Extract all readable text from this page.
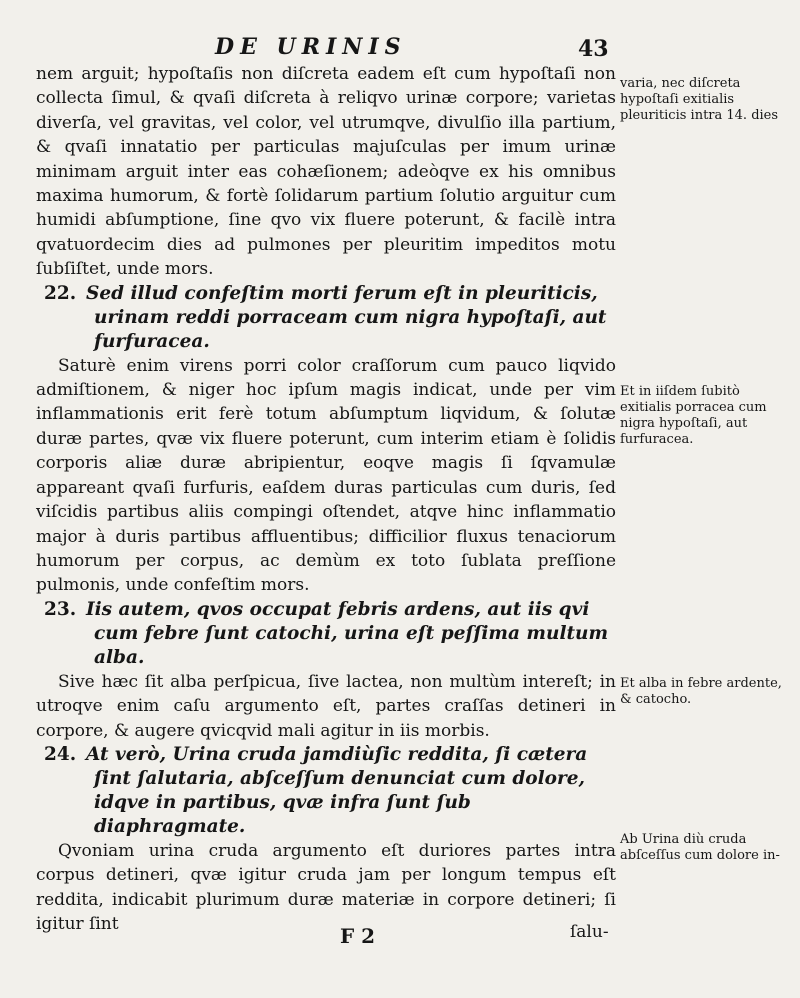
DE URINIS	43

nem arguit; hypoſtaſis non diſcreta eadem eſt cum hypoſtaſi non collecta ſimul, & qvaſi diſcreta à reliqvo urinæ corpore; varietas diverſa, vel gravitas, vel color, vel utrumqve, divulſio illa partium, & qvaſi innatatio per particulas majuſculas per imum urinæ minimam arguit inter eas cohæſionem; adeòqve ex his omnibus maxima humorum, & fortè ſolidarum partium ſolutio arguitur cum humidi abſumptione, ſine qvo vix fluere poterunt, & facilè intra qvatuordecim dies ad pulmones per pleuritim impeditos motu ſubſiſtet, unde mors.

22. Sed illud confeſtim morti ferum eſt in pleuriticis, urinam reddi porraceam cum nigra hypoſtaſi, aut furfuracea.

Saturè enim virens porri color craſſorum cum pauco liqvido admiſtionem, & niger hoc ipſum magis indicat, unde per vim inflammationis erit ferè totum abſumptum liqvidum, & ſolutæ duræ partes, qvæ vix fluere poterunt, cum interim etiam è ſolidis corporis aliæ duræ abripientur, eoqve magis ſi ſqvamulæ appareant qvaſi furfuris, eaſdem duras particulas cum duris, ſed viſcidis partibus aliis compingi oſtendet, atqve hinc inflammatio major à duris partibus affluentibus; difficilior fluxus tenaciorum humorum per corpus, ac demùm ex toto ſublata preſſione pulmonis, unde confeſtim mors.

23. Iis autem, qvos occupat febris ardens, aut iis qvi cum febre ſunt catochi, urina eſt peſſima multum alba.

Sive hæc ſit alba perſpicua, ſive lactea, non multùm intereſt; in utroqve enim caſu argumento eſt, partes craſſas detineri in corpore, & augere qvicqvid mali agitur in iis morbis.

24. At verò, Urina cruda jamdiùſic reddita, ſi cætera ſint ſalutaria, abſceſſum denunciat cum dolore, idqve in partibus, qvæ infra ſunt ſub diaphragmate.

Qvoniam urina cruda argumento eſt duriores partes intra corpus detineri, qvæ igitur cruda jam per longum tempus eſt reddita, indicabit plurimum duræ materiæ in corpore detineri; ſi igitur ſint

varia, nec diſcreta hypoſtaſi exitialis pleuriticis intra 14. dies
Et in iiſdem ſubitò exitialis porracea cum nigra hypoſtaſi, aut furfuracea.
Et alba in febre ardente, & catocho.
Ab Urina diù cruda abſceſſus cum dolore in-
F 2	ſalu-
